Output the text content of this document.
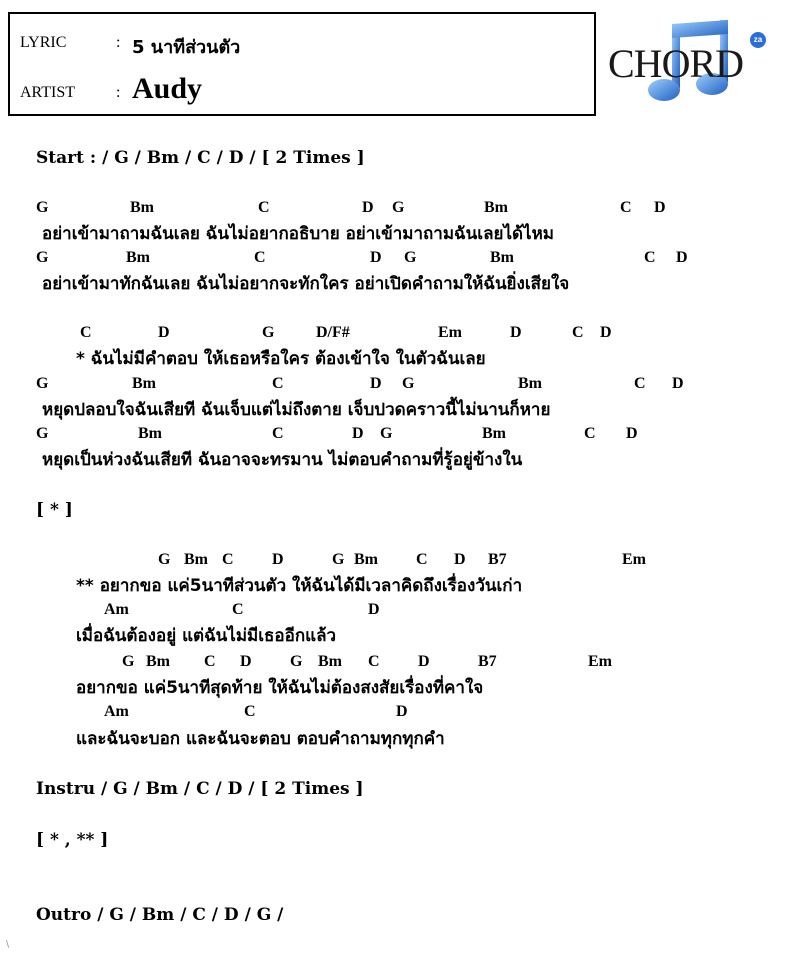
LYRIC	: 5 นาทีส่วนตัว
ARTIST	: Audy
CHORD
za
Start : / G / Bm / C / D / [ 2 Times ]
G	Bm	C	D G	Bm	C D
อย่าเข้ามาถามฉันเลย ฉันไม่อยากอธิบาย อย่าเข้ามาถามฉันเลยได้ไหม
G	Bm	C	D G	Bm	C D
อย่าเข้ามาทักฉันเลย ฉันไม่อยากจะทักใคร อย่าเปิดคำถามให้ฉันยิ่งเสียใจ
C	D	G	D/F#	Em	D	C D
* ฉันไม่มีคำตอบ ให้เธอหรือใคร ต้องเข้าใจ ในตัวฉันเลย
G	Bm	C	D G	Bm	C D
หยุดปลอบใจฉันเสียที ฉันเจ็บแต่ไม่ถึงตาย เจ็บปวดคราวนี้ไม่นานก็หาย
G	Bm	C	D G	Bm	C D
หยุดเป็นห่วงฉันเสียที ฉันอาจจะทรมาน ไม่ตอบคำถามที่รู้อยู่ข้างใน
[ * ]
G Bm C D	G Bm C D B7	Em
** อยากขอ แค่5นาทีส่วนตัว ให้ฉันได้มีเวลาคิดถึงเรื่องวันเก่า
Am	C	D
เมื่อฉันต้องอยู่ แต่ฉันไม่มีเธออีกแล้ว
G Bm C D G Bm C D	B7	Em
อยากขอ แค่5นาทีสุดท้าย ให้ฉันไม่ต้องสงสัยเรื่องที่คาใจ
Am	C	D
และฉันจะบอก และฉันจะตอบ ตอบคำถามทุกทุกคำ
Instru / G / Bm / C / D / [ 2 Times ]
[ * , ** ]
Outro / G / Bm / C / D / G /
\
